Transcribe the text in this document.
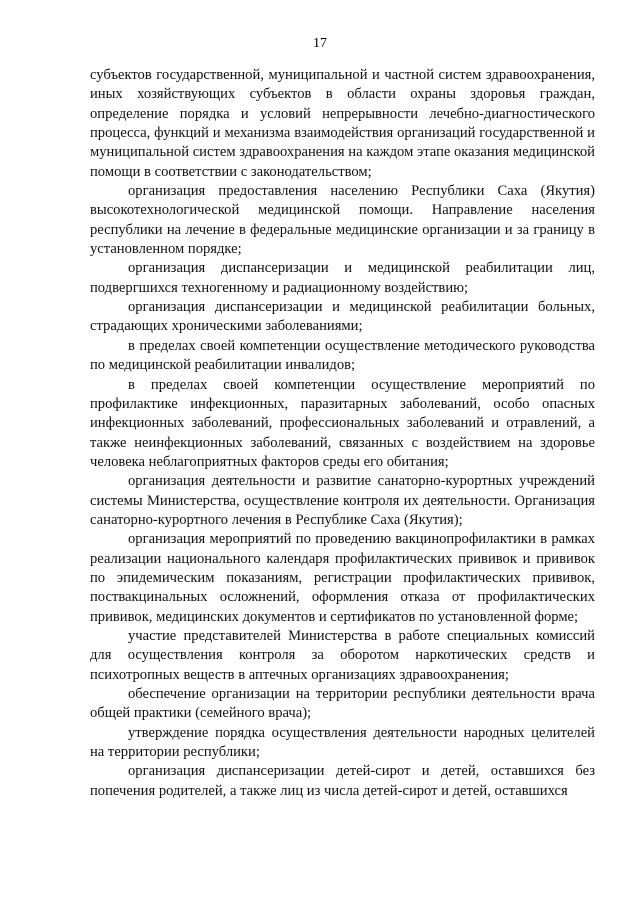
17

субъектов государственной, муниципальной и частной систем здравоохранения, иных хозяйствующих субъектов в области охраны здоровья граждан, определение порядка и условий непрерывности лечебно-диагностического процесса, функций и механизма взаимодействия организаций государственной и муниципальной систем здравоохранения на каждом этапе оказания медицинской помощи в соответствии с законодательством;

организация предоставления населению Республики Саха (Якутия) высокотехнологической медицинской помощи. Направление населения республики на лечение в федеральные медицинские организации и за границу в установленном порядке;

организация диспансеризации и медицинской реабилитации лиц, подвергшихся техногенному и радиационному воздействию;

организация диспансеризации и медицинской реабилитации больных, страдающих хроническими заболеваниями;

в пределах своей компетенции осуществление методического руководства по медицинской реабилитации инвалидов;

в пределах своей компетенции осуществление мероприятий по профилактике инфекционных, паразитарных заболеваний, особо опасных инфекционных заболеваний, профессиональных заболеваний и отравлений, а также неинфекционных заболеваний, связанных с воздействием на здоровье человека неблагоприятных факторов среды его обитания;

организация деятельности и развитие санаторно-курортных учреждений системы Министерства, осуществление контроля их деятельности. Организация санаторно-курортного лечения в Республике Саха (Якутия);

организация мероприятий по проведению вакцинопрофилактики в рамках реализации национального календаря профилактических прививок и прививок по эпидемическим показаниям, регистрации профилактических прививок, поствакцинальных осложнений, оформления отказа от профилактических прививок, медицинских документов и сертификатов по установленной форме;

участие представителей Министерства в работе специальных комиссий для осуществления контроля за оборотом наркотических средств и психотропных веществ в аптечных организациях здравоохранения;

обеспечение организации на территории республики деятельности врача общей практики (семейного врача);

утверждение порядка осуществления деятельности народных целителей на территории республики;

организация диспансеризации детей-сирот и детей, оставшихся без попечения родителей, а также лиц из числа детей-сирот и детей, оставшихся
